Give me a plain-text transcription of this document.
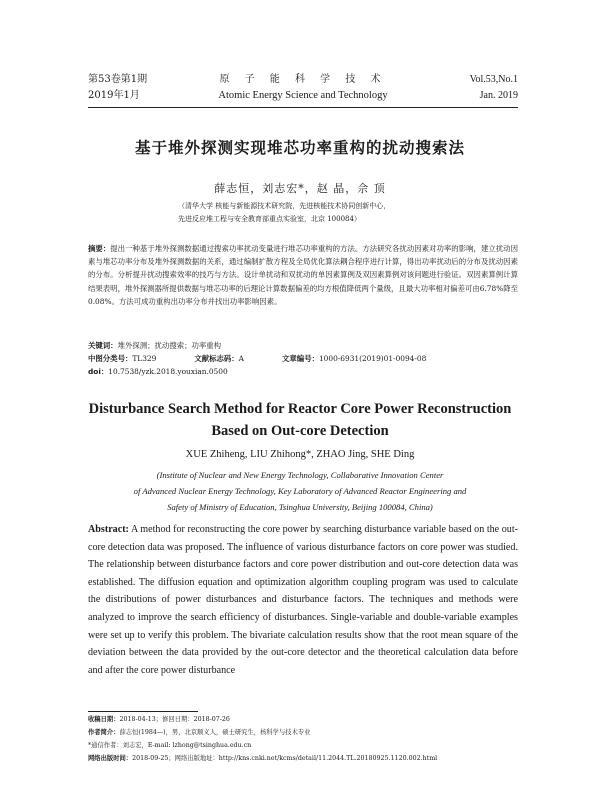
第53卷第1期
2019年1月
原 子 能 科 学 技 术
Atomic Energy Science and Technology
Vol.53,No.1
Jan. 2019
基于堆外探测实现堆芯功率重构的扰动搜索法
薛志恒，刘志宏*，赵 晶，佘 顶
（清华大学 核能与新能源技术研究院，先进核能技术协同创新中心，
先进反应堆工程与安全教育部重点实验室，北京 100084）
摘要：提出一种基于堆外探测数据通过搜索功率扰动变量进行堆芯功率重构的方法。方法研究各扰动因素对功率的影响，建立扰动因素与堆芯功率分布及堆外探测数据的关系，通过编制扩散方程及全局优化算法耦合程序进行计算，得出功率扰动后的分布及扰动因素的分布。分析提升扰动搜索效率的技巧与方法。设计单扰动和双扰动的单因素算例及双因素算例对该问题进行验证。双因素算例计算结果表明，堆外探测器所提供数据与堆芯功率的后理论计算数据偏差的均方根值降低两个量级，且最大功率相对偏差可由6.78%降至0.08%。方法可成功重构出功率分布并找出功率影响因素。
关键词：堆外探测；扰动搜索；功率重构
中图分类号：TL329	文献标志码：A	文章编号：1000-6931(2019)01-0094-08
doi：10.7538/yzk.2018.youxian.0500
Disturbance Search Method for Reactor Core Power Reconstruction
Based on Out-core Detection
XUE Zhiheng, LIU Zhihong*, ZHAO Jing, SHE Ding
(Institute of Nuclear and New Energy Technology, Collaborative Innovation Center
of Advanced Nuclear Energy Technology, Key Laboratory of Advanced Reactor Engineering and
Safety of Ministry of Education, Tsinghua University, Beijing 100084, China)
Abstract: A method for reconstructing the core power by searching disturbance variable based on the out-core detection data was proposed. The influence of various disturbance factors on core power was studied. The relationship between disturbance factors and core power distribution and out-core detection data was established. The diffusion equation and optimization algorithm coupling program was used to calculate the distributions of power disturbances and disturbance factors. The techniques and methods were analyzed to improve the search efficiency of disturbances. Single-variable and double-variable examples were set up to verify this problem. The bivariate calculation results show that the root mean square of the deviation between the data provided by the out-core detector and the theoretical calculation data before and after the core power disturbance
收稿日期：2018-04-13；修回日期：2018-07-26
作者简介：薛志恒(1984—)，男，北京顺义人，硕士研究生，核科学与技术专业
*通信作者：刘志宏，E-mail: lzhong@tsinghua.edu.cn
网络出版时间：2018-09-25；网络出版地址：http://kns.cnki.net/kcms/detail/11.2044.TL.20180925.1120.002.html
